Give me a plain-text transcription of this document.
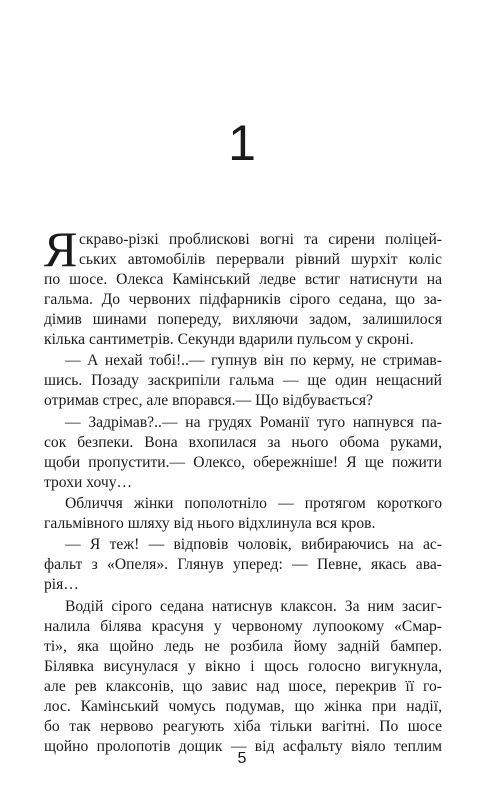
1
Я скраво-різкі проблискові вогні та сирени поліцей-
ських автомобілів перервали рівний шурхіт коліс
по шосе. Олекса Камінський ледве встиг натиснути на
гальма. До червоних підфарників сірого седана, що за-
дімив шинами попереду, вихляючи задом, залишилося
кілька сантиметрів. Секунди вдарили пульсом у скроні.
— А нехай тобі!..— гупнув він по керму, не стримав-
шись. Позаду заскрипіли гальма — ще один нещасний
отримав стрес, але впорався.— Що відбувається?
— Задрімав?..— на грудях Романії туго напнувся па-
сок безпеки. Вона вхопилася за нього обома руками,
щоби пропустити.— Олексо, обережніше! Я ще пожити
трохи хочу…
Обличчя жінки пополотніло — протягом короткого
гальмівного шляху від нього відхлинула вся кров.
— Я теж! — відповів чоловік, вибираючись на ас-
фальт з «Опеля». Глянув уперед: — Певне, якась ава-
рія…
Водій сірого седана натиснув клаксон. За ним засиг-
налила білява красуня у червоному лупоокому «Смар-
ті», яка щойно ледь не розбила йому задній бампер.
Білявка висунулася у вікно і щось голосно вигукнула,
але рев клаксонів, що завис над шосе, перекрив її го-
лос. Камінський чомусь подумав, що жінка при надії,
бо так нервово реагують хіба тільки вагітні. По шосе
щойно пролопотів дощик — від асфальту віяло теплим
5
